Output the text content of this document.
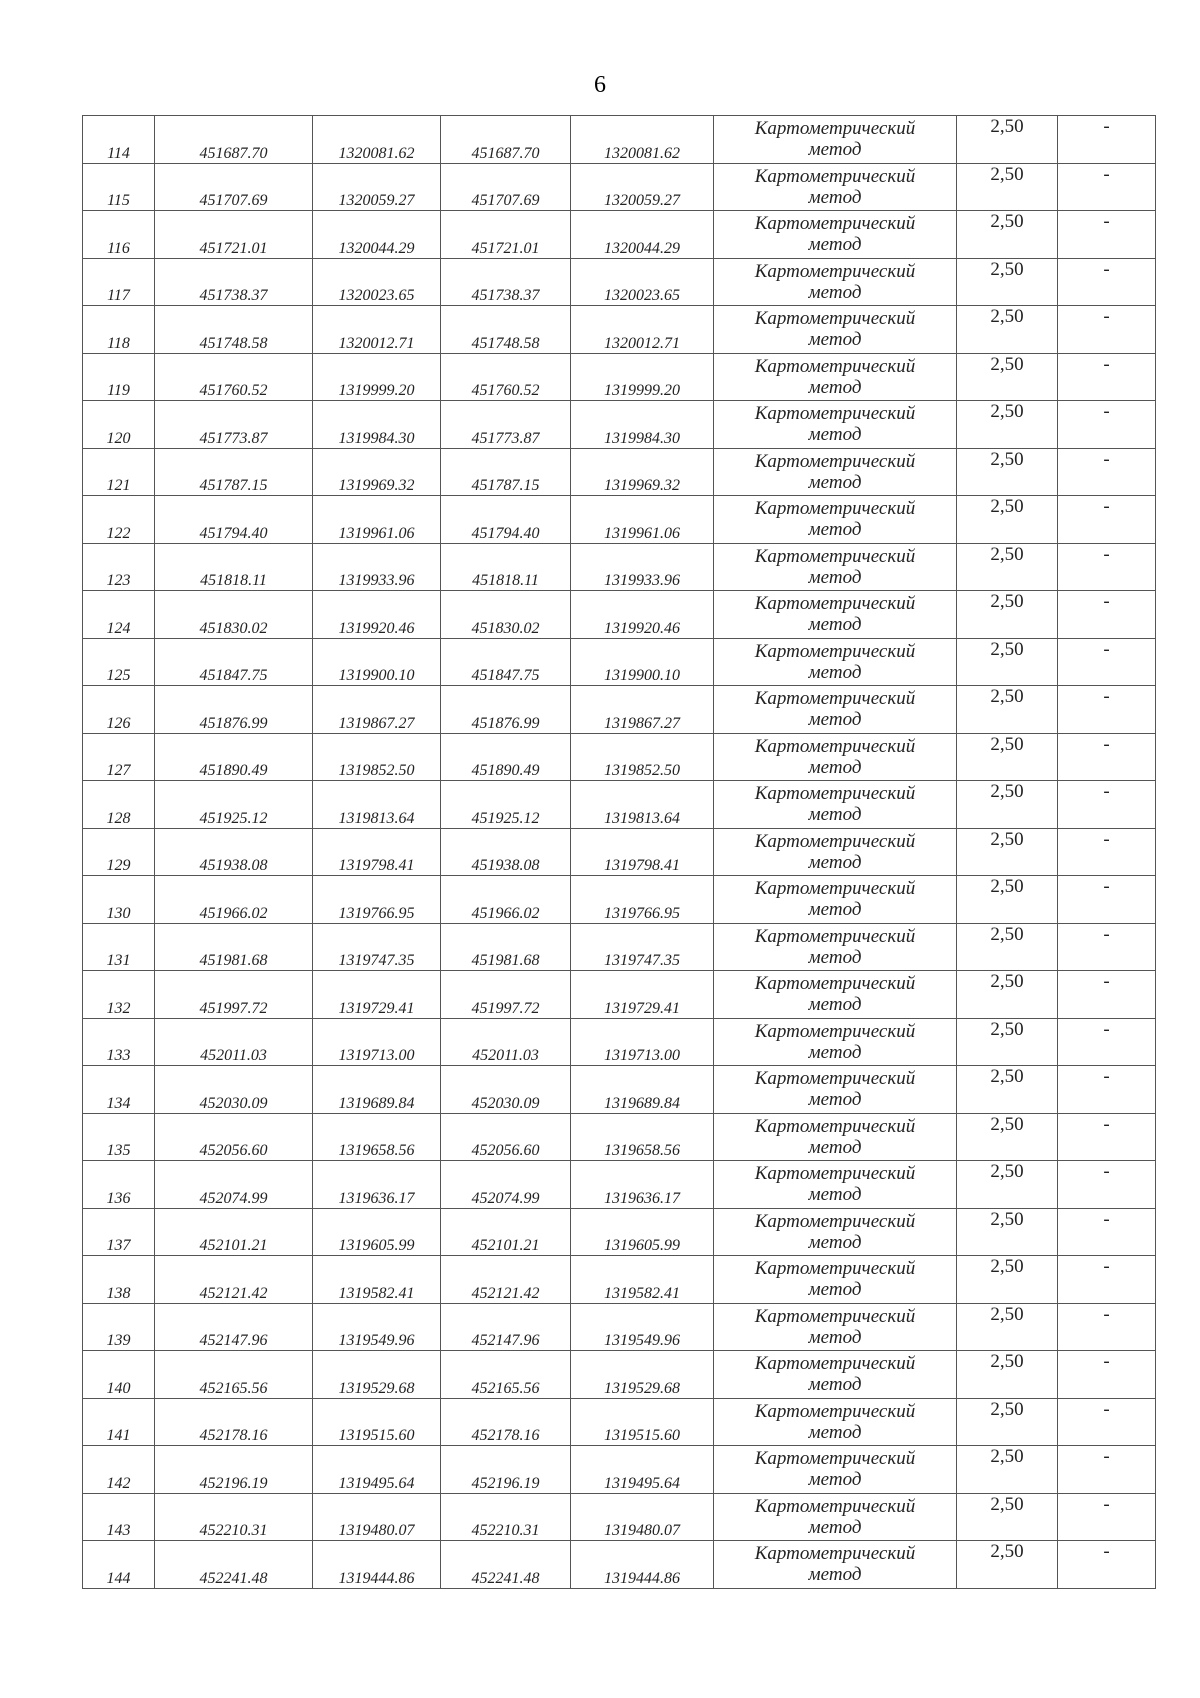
6
114	451687.70	1320081.62	451687.70	1320081.62	Картометрический
метод	2,50	-
115	451707.69	1320059.27	451707.69	1320059.27	Картометрический
метод	2,50	-
116	451721.01	1320044.29	451721.01	1320044.29	Картометрический
метод	2,50	-
117	451738.37	1320023.65	451738.37	1320023.65	Картометрический
метод	2,50	-
118	451748.58	1320012.71	451748.58	1320012.71	Картометрический
метод	2,50	-
119	451760.52	1319999.20	451760.52	1319999.20	Картометрический
метод	2,50	-
120	451773.87	1319984.30	451773.87	1319984.30	Картометрический
метод	2,50	-
121	451787.15	1319969.32	451787.15	1319969.32	Картометрический
метод	2,50	-
122	451794.40	1319961.06	451794.40	1319961.06	Картометрический
метод	2,50	-
123	451818.11	1319933.96	451818.11	1319933.96	Картометрический
метод	2,50	-
124	451830.02	1319920.46	451830.02	1319920.46	Картометрический
метод	2,50	-
125	451847.75	1319900.10	451847.75	1319900.10	Картометрический
метод	2,50	-
126	451876.99	1319867.27	451876.99	1319867.27	Картометрический
метод	2,50	-
127	451890.49	1319852.50	451890.49	1319852.50	Картометрический
метод	2,50	-
128	451925.12	1319813.64	451925.12	1319813.64	Картометрический
метод	2,50	-
129	451938.08	1319798.41	451938.08	1319798.41	Картометрический
метод	2,50	-
130	451966.02	1319766.95	451966.02	1319766.95	Картометрический
метод	2,50	-
131	451981.68	1319747.35	451981.68	1319747.35	Картометрический
метод	2,50	-
132	451997.72	1319729.41	451997.72	1319729.41	Картометрический
метод	2,50	-
133	452011.03	1319713.00	452011.03	1319713.00	Картометрический
метод	2,50	-
134	452030.09	1319689.84	452030.09	1319689.84	Картометрический
метод	2,50	-
135	452056.60	1319658.56	452056.60	1319658.56	Картометрический
метод	2,50	-
136	452074.99	1319636.17	452074.99	1319636.17	Картометрический
метод	2,50	-
137	452101.21	1319605.99	452101.21	1319605.99	Картометрический
метод	2,50	-
138	452121.42	1319582.41	452121.42	1319582.41	Картометрический
метод	2,50	-
139	452147.96	1319549.96	452147.96	1319549.96	Картометрический
метод	2,50	-
140	452165.56	1319529.68	452165.56	1319529.68	Картометрический
метод	2,50	-
141	452178.16	1319515.60	452178.16	1319515.60	Картометрический
метод	2,50	-
142	452196.19	1319495.64	452196.19	1319495.64	Картометрический
метод	2,50	-
143	452210.31	1319480.07	452210.31	1319480.07	Картометрический
метод	2,50	-
144	452241.48	1319444.86	452241.48	1319444.86	Картометрический
метод	2,50	-
